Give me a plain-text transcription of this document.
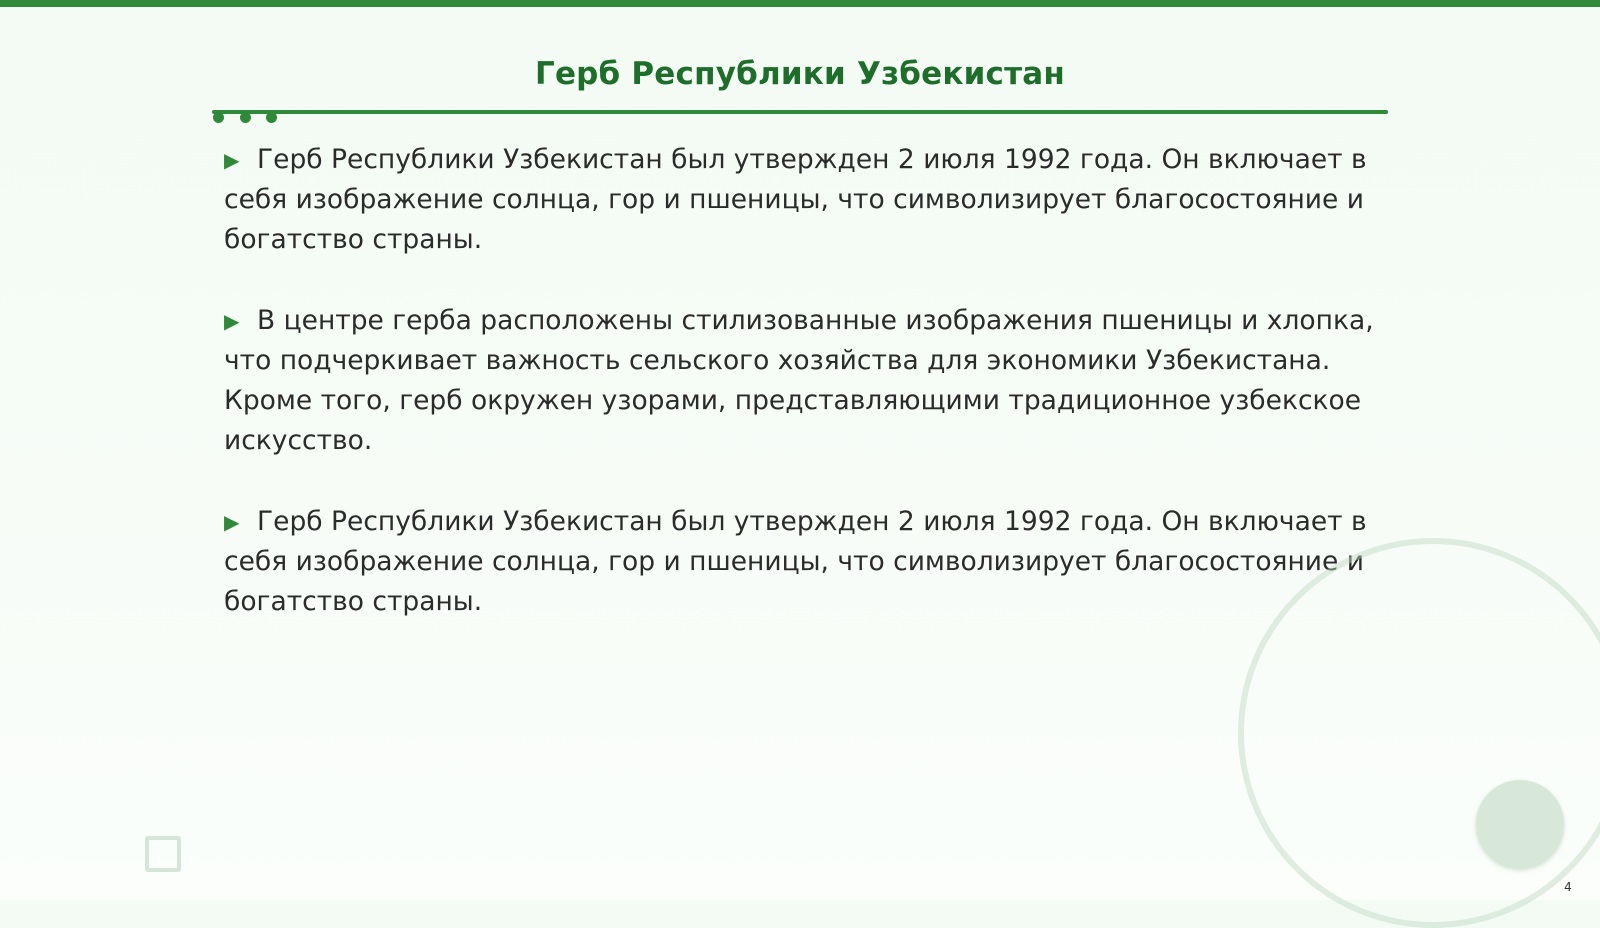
Герб Республики Узбекистан

▶ Герб Республики Узбекистан был утвержден 2 июля 1992 года. Он включает в себя изображение солнца, гор и пшеницы, что символизирует благосостояние и богатство страны.

▶ В центре герба расположены стилизованные изображения пшеницы и хлопка, что подчеркивает важность сельского хозяйства для экономики Узбекистана. Кроме того, герб окружен узорами, представляющими традиционное узбекское искусство.

▶ Герб Республики Узбекистан был утвержден 2 июля 1992 года. Он включает в себя изображение солнца, гор и пшеницы, что символизирует благосостояние и богатство страны.

4
